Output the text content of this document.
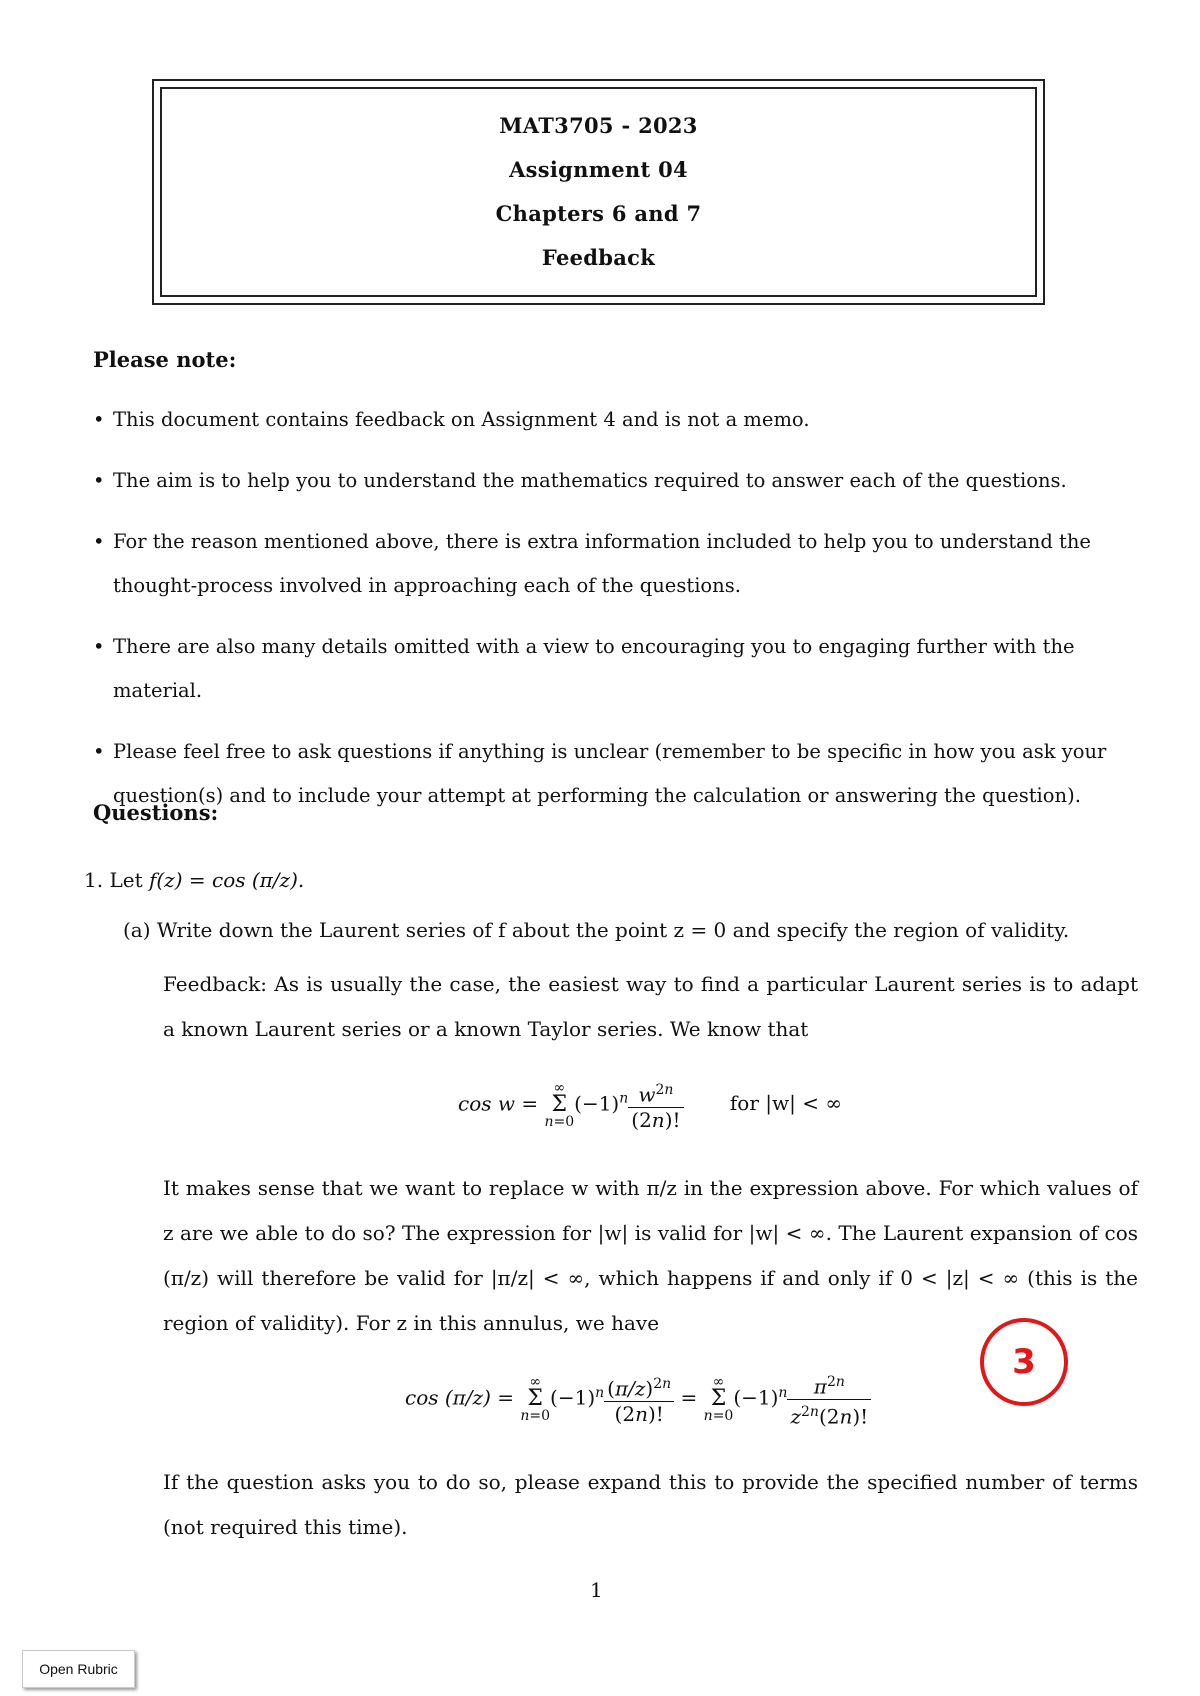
MAT3705 - 2023
Assignment 04
Chapters 6 and 7
Feedback
Please note:
• This document contains feedback on Assignment 4 and is not a memo.
• The aim is to help you to understand the mathematics required to answer each of the questions.
• For the reason mentioned above, there is extra information included to help you to understand the thought-process involved in approaching each of the questions.
• There are also many details omitted with a view to encouraging you to engaging further with the material.
• Please feel free to ask questions if anything is unclear (remember to be specific in how you ask your question(s) and to include your attempt at performing the calculation or answering the question).
Questions:
1. Let f(z) = cos (π/z).
(a) Write down the Laurent series of f about the point z = 0 and specify the region of validity.
Feedback: As is usually the case, the easiest way to find a particular Laurent series is to adapt a known Laurent series or a known Taylor series. We know that
cos w =
∞
Σ
n=0
$(-1)^n \frac{w^{2n}}{(2n)!}$ for |w| < ∞
It makes sense that we want to replace w with π/z in the expression above. For which values of z are we able to do so? The expression for |w| is valid for |w| < ∞. The Laurent expansion of cos (π/z) will therefore be valid for |π/z| < ∞, which happens if and only if 0 < |z| < ∞ (this is the region of validity). For z in this annulus, we have
cos (π/z) =
∞
Σ
n=0
$(-1)^n \frac{(\pi/z)^{2n}}{(2n)!}$ =
∞
Σ
n=0
$(-1)^n \frac{\pi^{2n}}{z^{2n}(2n)!}$
If the question asks you to do so, please expand this to provide the specified number of terms (not required this time).
3
1
Open Rubric
